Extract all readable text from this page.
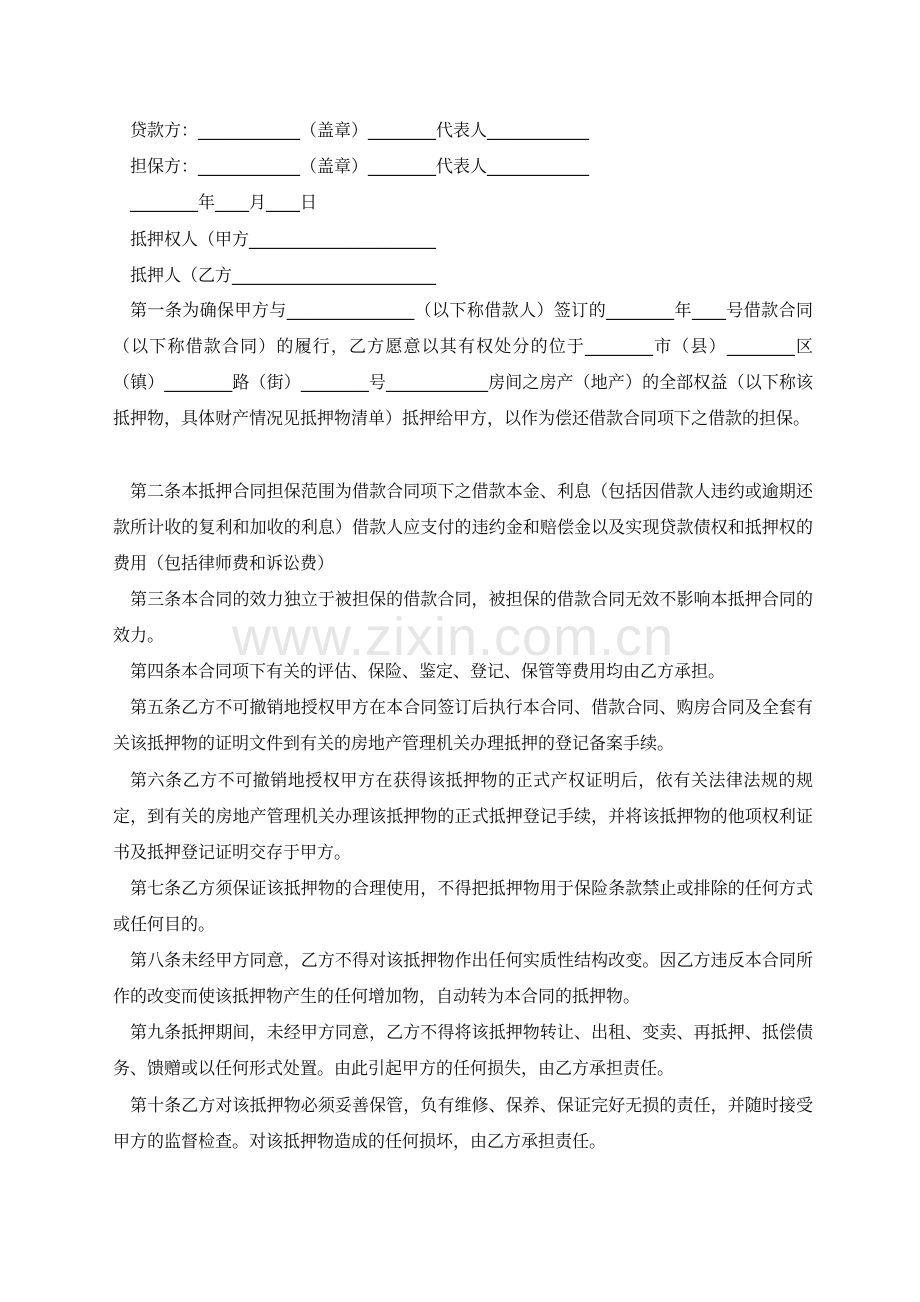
贷款方：____________（盖章）________代表人____________

担保方：____________（盖章）________代表人____________

________年____月____日

抵押权人（甲方______________________

抵押人（乙方________________________

第一条为确保甲方与_______________（以下称借款人）签订的________年____号借款合同（以下称借款合同）的履行，乙方愿意以其有权处分的位于________市（县）________区（镇）________路（街）________号____________房间之房产（地产）的全部权益（以下称该抵押物，具体财产情况见抵押物清单）抵押给甲方，以作为偿还借款合同项下之借款的担保。

第二条本抵押合同担保范围为借款合同项下之借款本金、利息（包括因借款人违约或逾期还款所计收的复利和加收的利息）借款人应支付的违约金和赔偿金以及实现贷款债权和抵押权的费用（包括律师费和诉讼费）

第三条本合同的效力独立于被担保的借款合同，被担保的借款合同无效不影响本抵押合同的效力。

第四条本合同项下有关的评估、保险、鉴定、登记、保管等费用均由乙方承担。

第五条乙方不可撤销地授权甲方在本合同签订后执行本合同、借款合同、购房合同及全套有关该抵押物的证明文件到有关的房地产管理机关办理抵押的登记备案手续。

第六条乙方不可撤销地授权甲方在获得该抵押物的正式产权证明后，依有关法律法规的规定，到有关的房地产管理机关办理该抵押物的正式抵押登记手续，并将该抵押物的他项权利证书及抵押登记证明交存于甲方。

第七条乙方须保证该抵押物的合理使用，不得把抵押物用于保险条款禁止或排除的任何方式或任何目的。

第八条未经甲方同意，乙方不得对该抵押物作出任何实质性结构改变。因乙方违反本合同所作的改变而使该抵押物产生的任何增加物，自动转为本合同的抵押物。

第九条抵押期间，未经甲方同意，乙方不得将该抵押物转让、出租、变卖、再抵押、抵偿债务、馈赠或以任何形式处置。由此引起甲方的任何损失，由乙方承担责任。

第十条乙方对该抵押物必须妥善保管，负有维修、保养、保证完好无损的责任，并随时接受甲方的监督检查。对该抵押物造成的任何损坏，由乙方承担责任。

www.zixin.com.cn
